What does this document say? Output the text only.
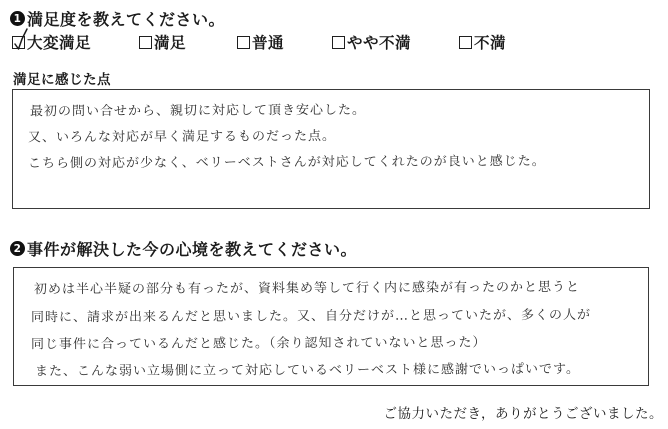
1 満足度を教えてください。
大変満足	満足	普通	やや不満	不満
満足に感じた点
最初の問い合せから、親切に対応して頂き安心した。
又、いろんな対応が早く満足するものだった点。
こちら側の対応が少なく、ベリーベストさんが対応してくれたのが良いと感じた。
2 事件が解決した今の心境を教えてください。
初めは半心半疑の部分も有ったが、資料集め等して行く内に感染が有ったのかと思うと
同時に、請求が出来るんだと思いました。又、自分だけが…と思っていたが、多くの人が
同じ事件に合っているんだと感じた。（余り認知されていないと思った）
また、こんな弱い立場側に立って対応しているベリーベスト様に感謝でいっぱいです。
ご協力いただき，ありがとうございました。
